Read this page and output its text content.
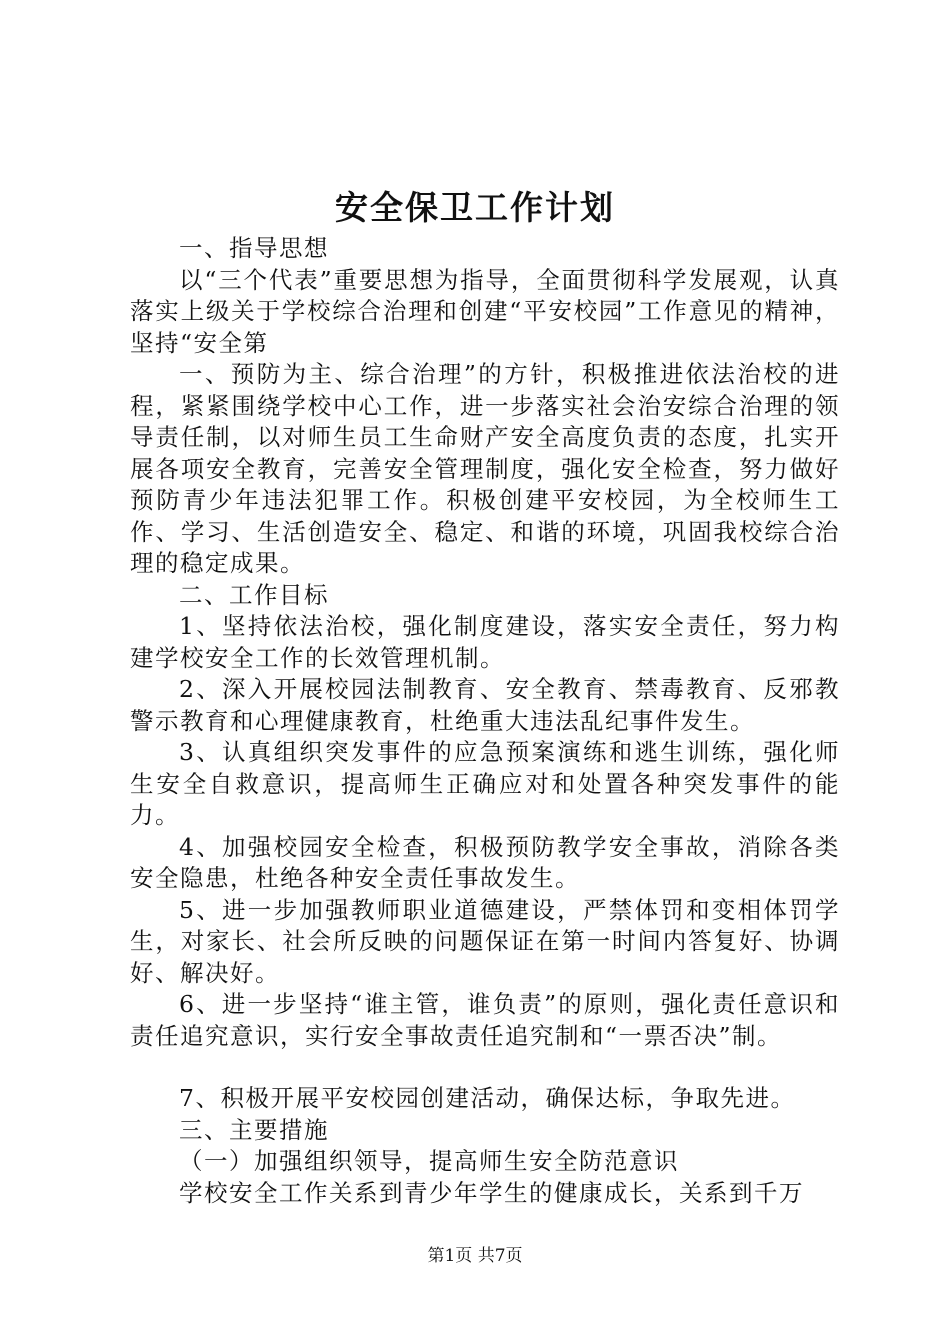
安全保卫工作计划

一、指导思想

以“三个代表”重要思想为指导，全面贯彻科学发展观，认真落实上级关于学校综合治理和创建“平安校园”工作意见的精神，坚持“安全第

一、预防为主、综合治理”的方针，积极推进依法治校的进程，紧紧围绕学校中心工作，进一步落实社会治安综合治理的领导责任制，以对师生员工生命财产安全高度负责的态度，扎实开展各项安全教育，完善安全管理制度，强化安全检查，努力做好预防青少年违法犯罪工作。积极创建平安校园，为全校师生工作、学习、生活创造安全、稳定、和谐的环境，巩固我校综合治理的稳定成果。

二、工作目标

1、坚持依法治校，强化制度建设，落实安全责任，努力构建学校安全工作的长效管理机制。

2、深入开展校园法制教育、安全教育、禁毒教育、反邪教警示教育和心理健康教育，杜绝重大违法乱纪事件发生。

3、认真组织突发事件的应急预案演练和逃生训练，强化师生安全自救意识，提高师生正确应对和处置各种突发事件的能力。

4、加强校园安全检查，积极预防教学安全事故，消除各类安全隐患，杜绝各种安全责任事故发生。

5、进一步加强教师职业道德建设，严禁体罚和变相体罚学生，对家长、社会所反映的问题保证在第一时间内答复好、协调好、解决好。

6、进一步坚持“谁主管，谁负责”的原则，强化责任意识和责任追究意识，实行安全事故责任追究制和“一票否决”制。

7、积极开展平安校园创建活动，确保达标，争取先进。

三、主要措施

（一）加强组织领导，提高师生安全防范意识

学校安全工作关系到青少年学生的健康成长，关系到千万

第1页 共7页
